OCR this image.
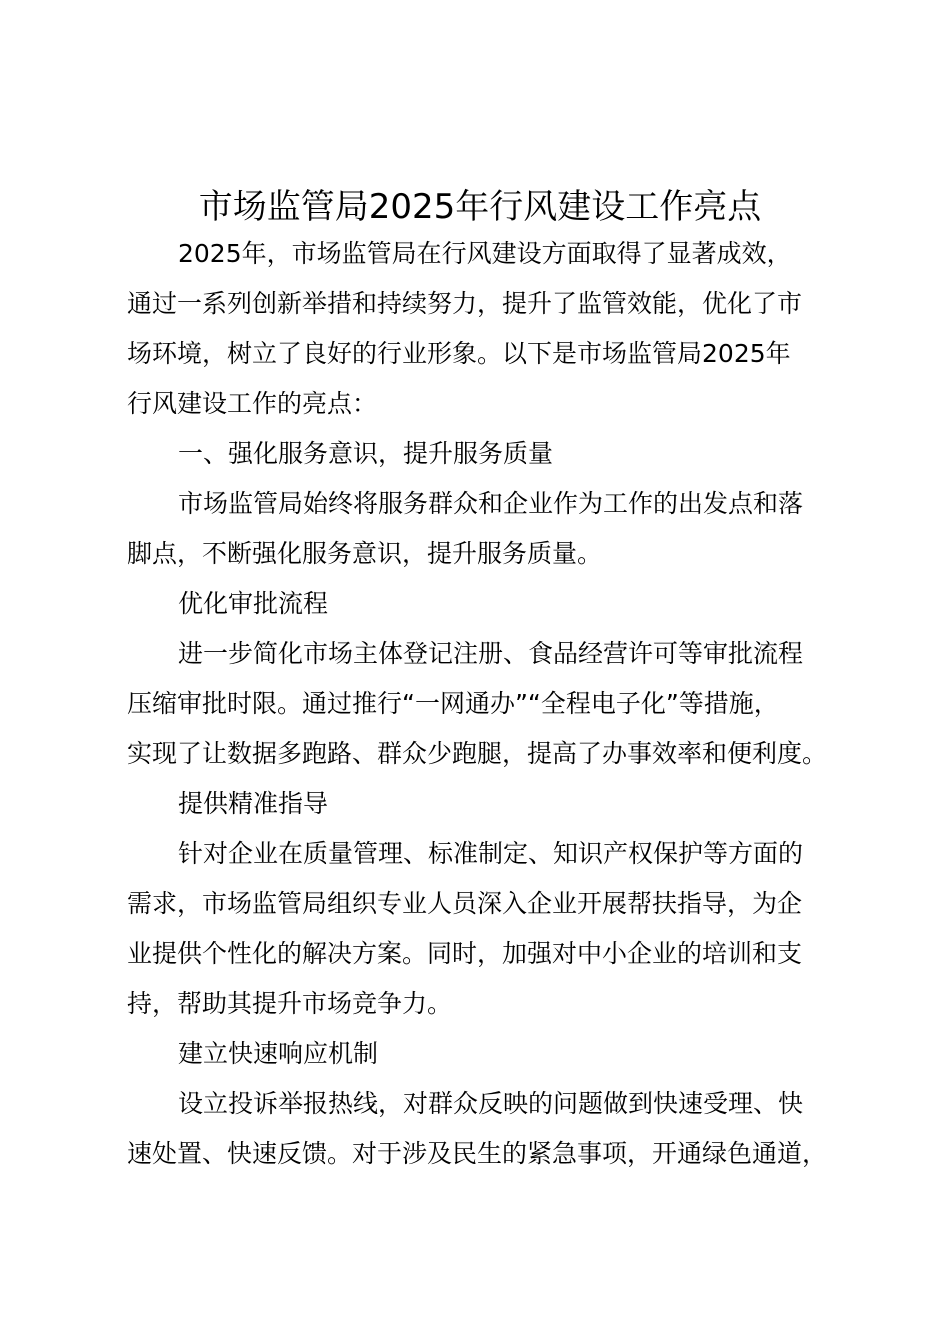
市场监管局2025年行风建设工作亮点

2025年，市场监管局在行风建设方面取得了显著成效，

通过一系列创新举措和持续努力，提升了监管效能，优化了市

场环境，树立了良好的行业形象。以下是市场监管局2025年

行风建设工作的亮点：

一、强化服务意识，提升服务质量

市场监管局始终将服务群众和企业作为工作的出发点和落

脚点，不断强化服务意识，提升服务质量。

优化审批流程

进一步简化市场主体登记注册、食品经营许可等审批流程

压缩审批时限。通过推行“一网通办”“全程电子化”等措施，

实现了让数据多跑路、群众少跑腿，提高了办事效率和便利度。

提供精准指导

针对企业在质量管理、标准制定、知识产权保护等方面的

需求，市场监管局组织专业人员深入企业开展帮扶指导，为企

业提供个性化的解决方案。同时，加强对中小企业的培训和支

持，帮助其提升市场竞争力。

建立快速响应机制

设立投诉举报热线，对群众反映的问题做到快速受理、快

速处置、快速反馈。对于涉及民生的紧急事项，开通绿色通道，
